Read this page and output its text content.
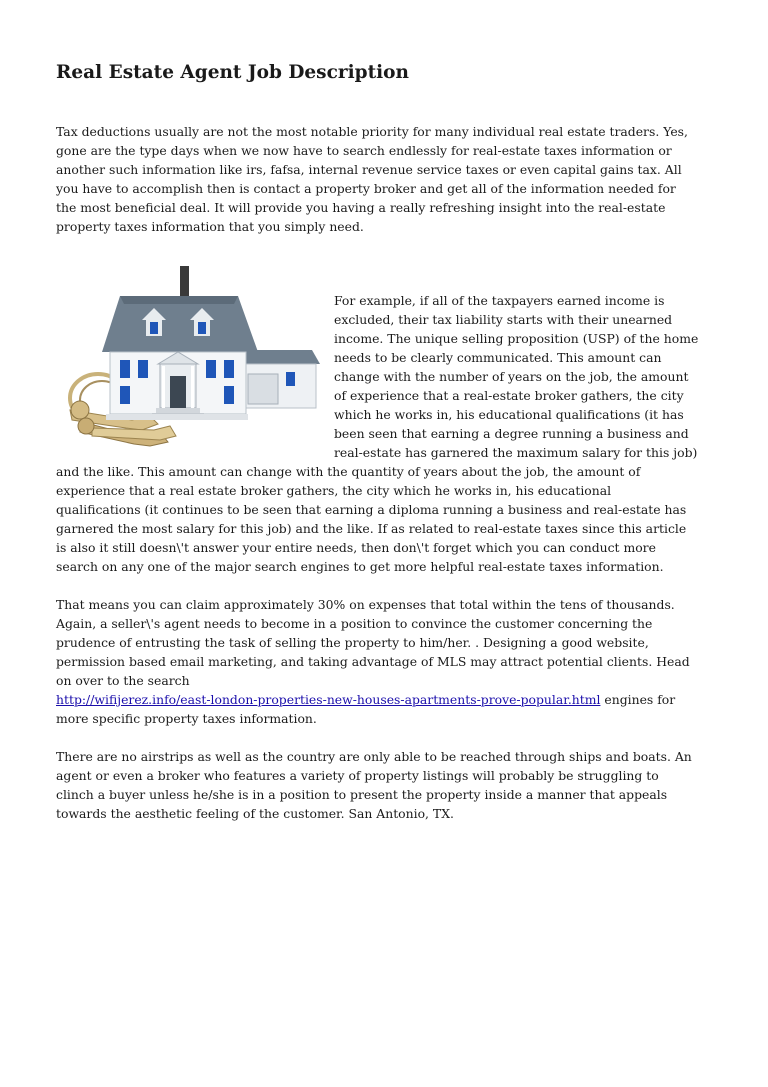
Real Estate Agent Job Description
Tax deductions usually are not the most notable priority for many individual real estate traders. Yes,
gone are the type days when we now have to search endlessly for real-estate taxes information or
another such information like irs, fafsa, internal revenue service taxes or even capital gains tax. All
you have to accomplish then is contact a property broker and get all of the information needed for
the most beneficial deal. It will provide you having a really refreshing insight into the real-estate
property taxes information that you simply need.
For example, if all of the taxpayers earned income is
excluded, their tax liability starts with their unearned
income. The unique selling proposition (USP) of the home
needs to be clearly communicated. This amount can
change with the number of years on the job, the amount
of experience that a real-estate broker gathers, the city
which he works in, his educational qualifications (it has
been seen that earning a degree running a business and
real-estate has garnered the maximum salary for this job)
and the like. This amount can change with the quantity of years about the job, the amount of
experience that a real estate broker gathers, the city which he works in, his educational
qualifications (it continues to be seen that earning a diploma running a business and real-estate has
garnered the most salary for this job) and the like. If as related to real-estate taxes since this article
is also it still doesn\'t answer your entire needs, then don\'t forget which you can conduct more
search on any one of the major search engines to get more helpful real-estate taxes information.
That means you can claim approximately 30% on expenses that total within the tens of thousands.
Again, a seller\'s agent needs to become in a position to convince the customer concerning the
prudence of entrusting the task of selling the property to him/her. . Designing a good website,
permission based email marketing, and taking advantage of MLS may attract potential clients. Head
on over to the search
http://wifijerez.info/east-london-properties-new-houses-apartments-prove-popular.html engines for
more specific property taxes information.
There are no airstrips as well as the country are only able to be reached through ships and boats. An
agent or even a broker who features a variety of property listings will probably be struggling to
clinch a buyer unless he/she is in a position to present the property inside a manner that appeals
towards the aesthetic feeling of the customer. San Antonio, TX.
